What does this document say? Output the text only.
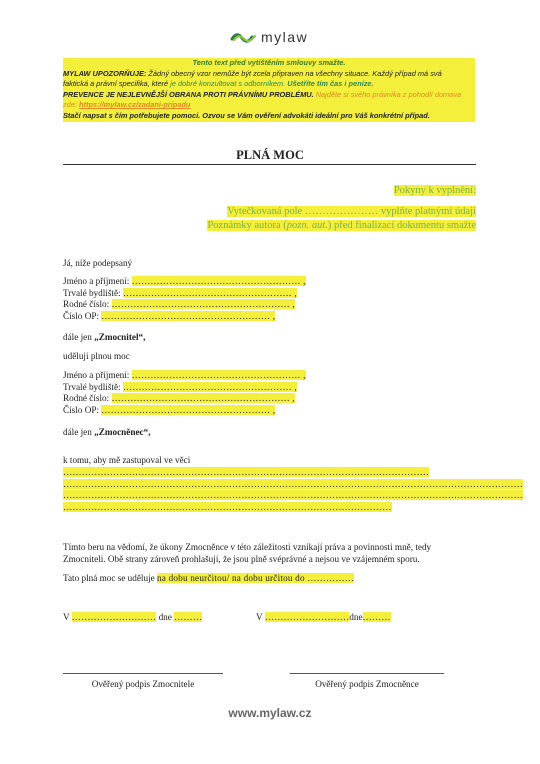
mylaw
Tento text před vytištěním smlouvy smažte.
MYLAW UPOZORŇUJE: Žádný obecný vzor nemůže být zcela připraven na všechny situace. Každý případ má svá
faktická a právní specifika, které je dobré konzultovat s odborníkem. Ušetříte tím čas i peníze.
PREVENCE JE NEJLEVNĚJŠÍ OBRANA PROTI PRÁVNÍMU PROBLÉMU. Najděte si svého právníka z pohodlí domova
zde: https://mylaw.cz/zadani-pripadu
Stačí napsat s čím potřebujete pomoci. Ozvou se Vám ověření advokáti ideální pro Váš konkrétní případ.
PLNÁ MOC
Pokyny k vyplnění:
Vytečkovaná pole ………………… vyplňte platnými údaji
Poznámky autora (pozn. aut.) před finalizací dokumentu smažte
Já, níže podepsaný
Jméno a příjmení: ……………………………………………… ,
Trvalé bydliště: ……………………………………………… ,
Rodné číslo: ………………………………………………… ,
Číslo OP: ……………………………………………… ,
dále jen „Zmocnitel“,
uděluji plnou moc
Jméno a příjmení: ……………………………………………… ,
Trvalé bydliště: ……………………………………………… ,
Rodné číslo: ………………………………………………… ,
Číslo OP: ……………………………………………… ,
dále jen „Zmocněnec“,
k tomu, aby mě zastupoval ve věci
………………………………………………………………………………………………………
…………………………………………………………………………………………………………………………………
…………………………………………………………………………………………………………………………………
……………………………………………………………………………………………
Tímto beru na vědomí, že úkony Zmocněnce v této záležitosti vznikají práva a povinnosti mně, tedy
Zmocniteli. Obě strany zároveň prohlašují, že jsou plně svéprávné a nejsou ve vzájemném sporu.
Tato plná moc se uděluje na dobu neurčitou/ na dobu určitou do ……………
V ……………………… dne ………	V ………………………dne………
Ověřený podpis Zmocnitele	Ověřený podpis Zmocněnce
www.mylaw.cz
